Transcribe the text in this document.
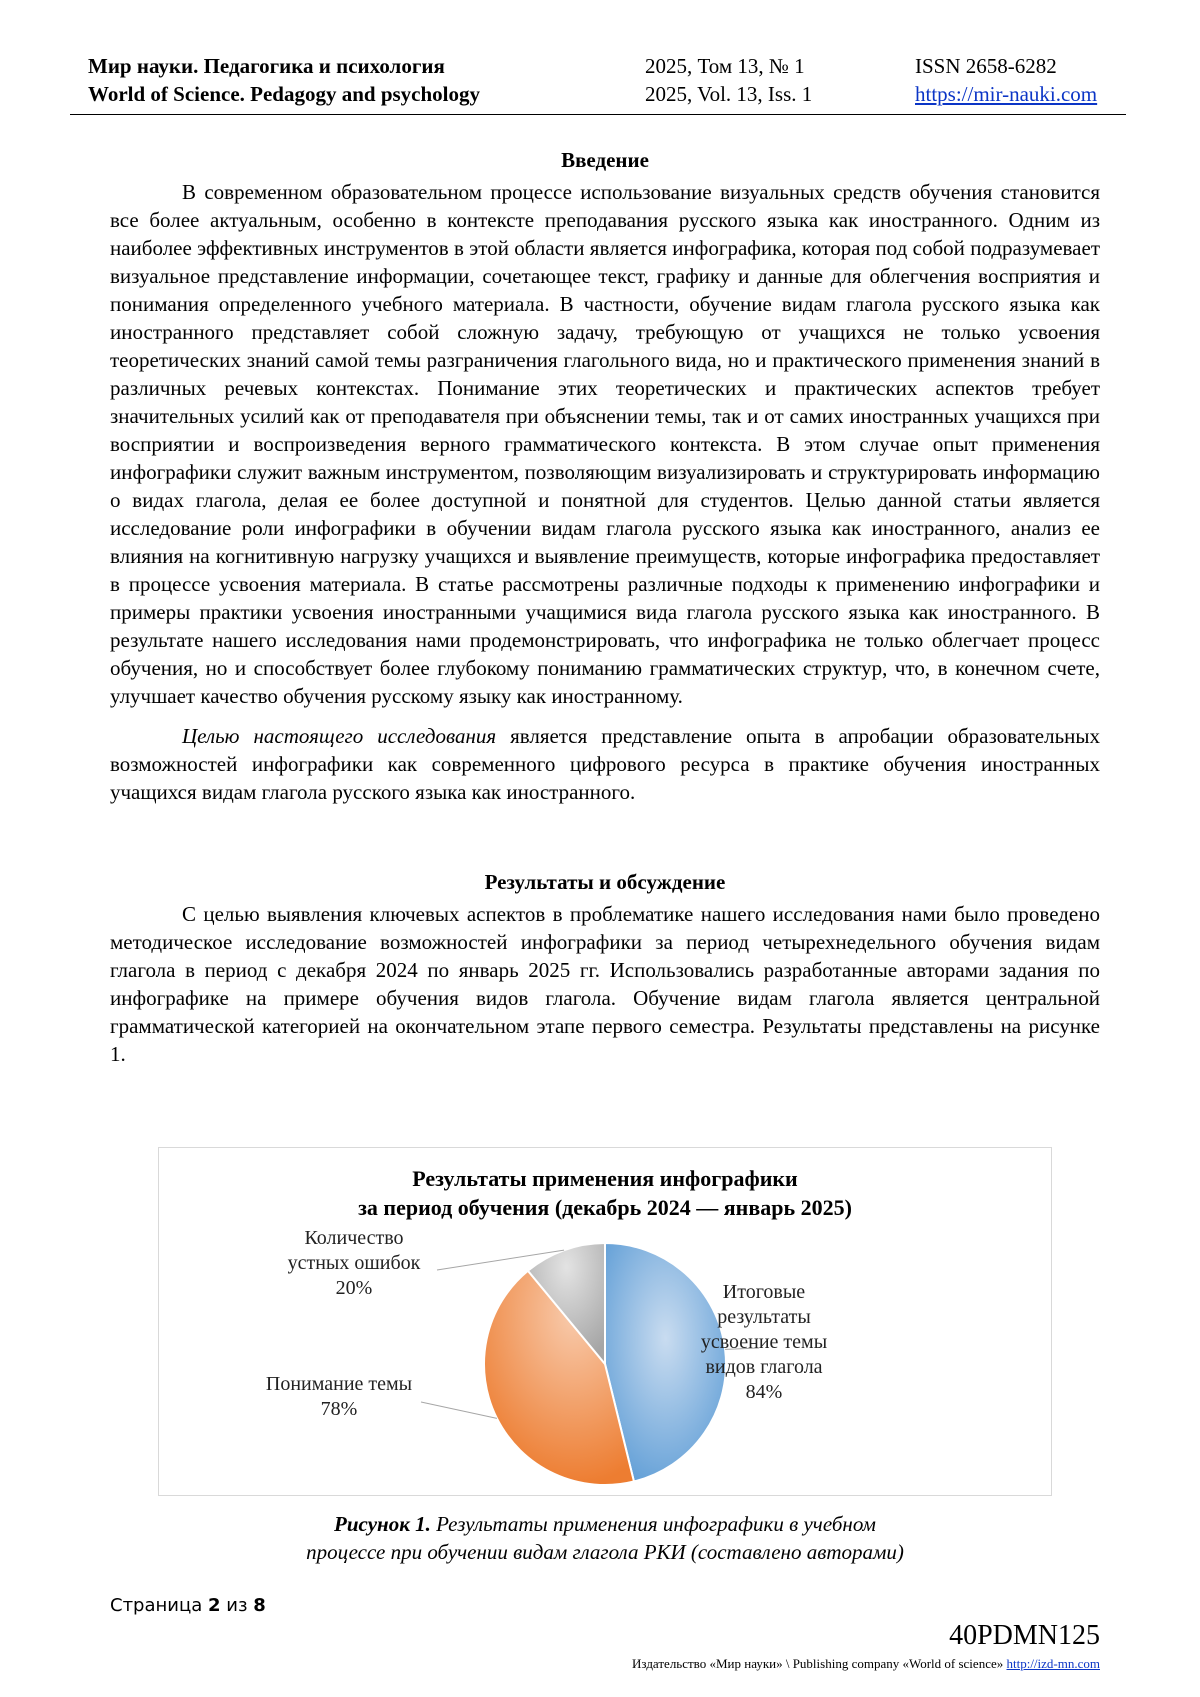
Мир науки. Педагогика и психология
World of Science. Pedagogy and psychology
2025, Том 13, № 1
2025, Vol. 13, Iss. 1
ISSN 2658-6282
https://mir-nauki.com
Введение

В современном образовательном процессе использование визуальных средств обучения становится все более актуальным, особенно в контексте преподавания русского языка как иностранного. Одним из наиболее эффективных инструментов в этой области является инфографика, которая под собой подразумевает визуальное представление информации, сочетающее текст, графику и данные для облегчения восприятия и понимания определенного учебного материала. В частности, обучение видам глагола русского языка как иностранного представляет собой сложную задачу, требующую от учащихся не только усвоения теоретических знаний самой темы разграничения глагольного вида, но и практического применения знаний в различных речевых контекстах. Понимание этих теоретических и практических аспектов требует значительных усилий как от преподавателя при объяснении темы, так и от самих иностранных учащихся при восприятии и воспроизведения верного грамматического контекста. В этом случае опыт применения инфографики служит важным инструментом, позволяющим визуализировать и структурировать информацию о видах глагола, делая ее более доступной и понятной для студентов. Целью данной статьи является исследование роли инфографики в обучении видам глагола русского языка как иностранного, анализ ее влияния на когнитивную нагрузку учащихся и выявление преимуществ, которые инфографика предоставляет в процессе усвоения материала. В статье рассмотрены различные подходы к применению инфографики и примеры практики усвоения иностранными учащимися вида глагола русского языка как иностранного. В результате нашего исследования нами продемонстрировать, что инфографика не только облегчает процесс обучения, но и способствует более глубокому пониманию грамматических структур, что, в конечном счете, улучшает качество обучения русскому языку как иностранному.

Целью настоящего исследования является представление опыта в апробации образовательных возможностей инфографики как современного цифрового ресурса в практике обучения иностранных учащихся видам глагола русского языка как иностранного.

Результаты и обсуждение

С целью выявления ключевых аспектов в проблематике нашего исследования нами было проведено методическое исследование возможностей инфографики за период четырехнедельного обучения видам глагола в период с декабря 2024 по январь 2025 гг. Использовались разработанные авторами задания по инфографике на примере обучения видов глагола. Обучение видам глагола является центральной грамматической категорией на окончательном этапе первого семестра. Результаты представлены на рисунке 1.

Результаты применения инфографики
за период обучения (декабрь 2024 — январь 2025)
Итоговые
результаты
усвоение темы
видов глагола
84%
Понимание темы
78%
Количество
устных ошибок
20%
Рисунок 1. Результаты применения инфографики в учебном
процессе при обучении видам глагола РКИ (составлено авторами)
Страница 2 из 8
40PDMN125
Издательство «Мир науки» \ Publishing company «World of science» http://izd-mn.com
